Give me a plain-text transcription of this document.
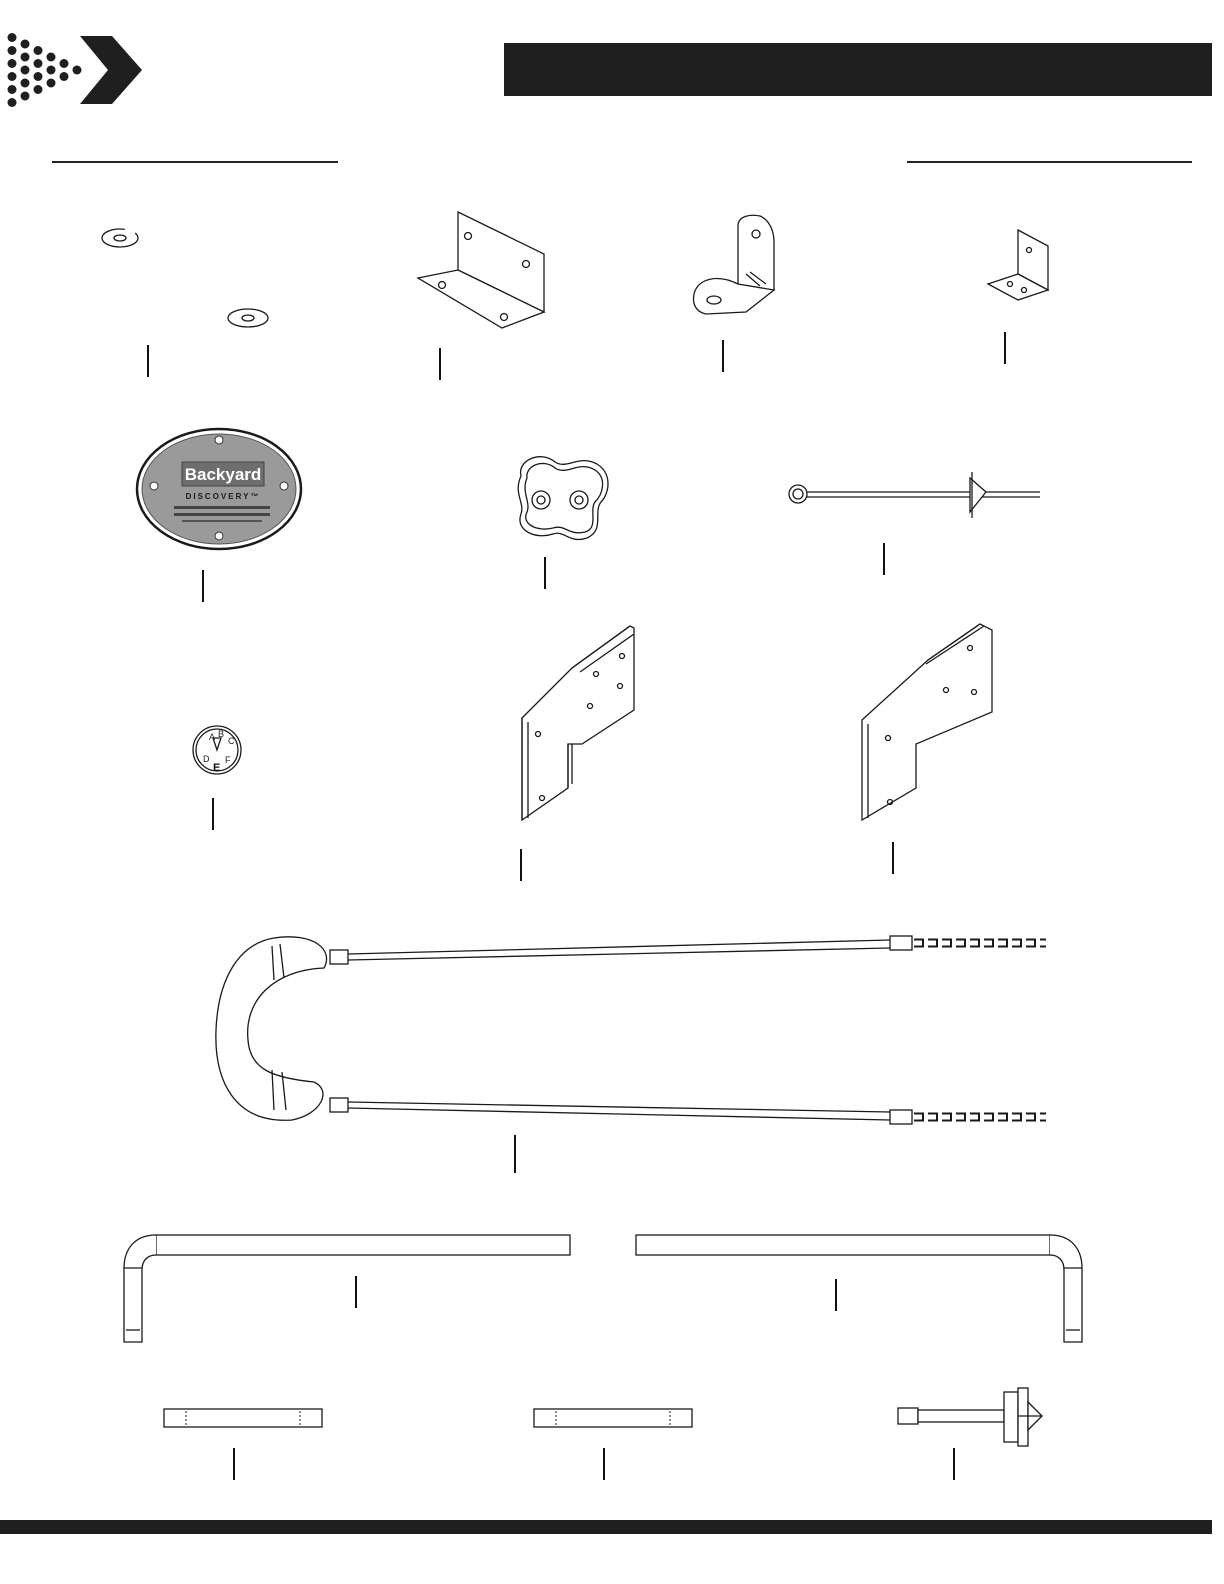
Backyard
DISCOVERY™
A B
C
D
E
F
